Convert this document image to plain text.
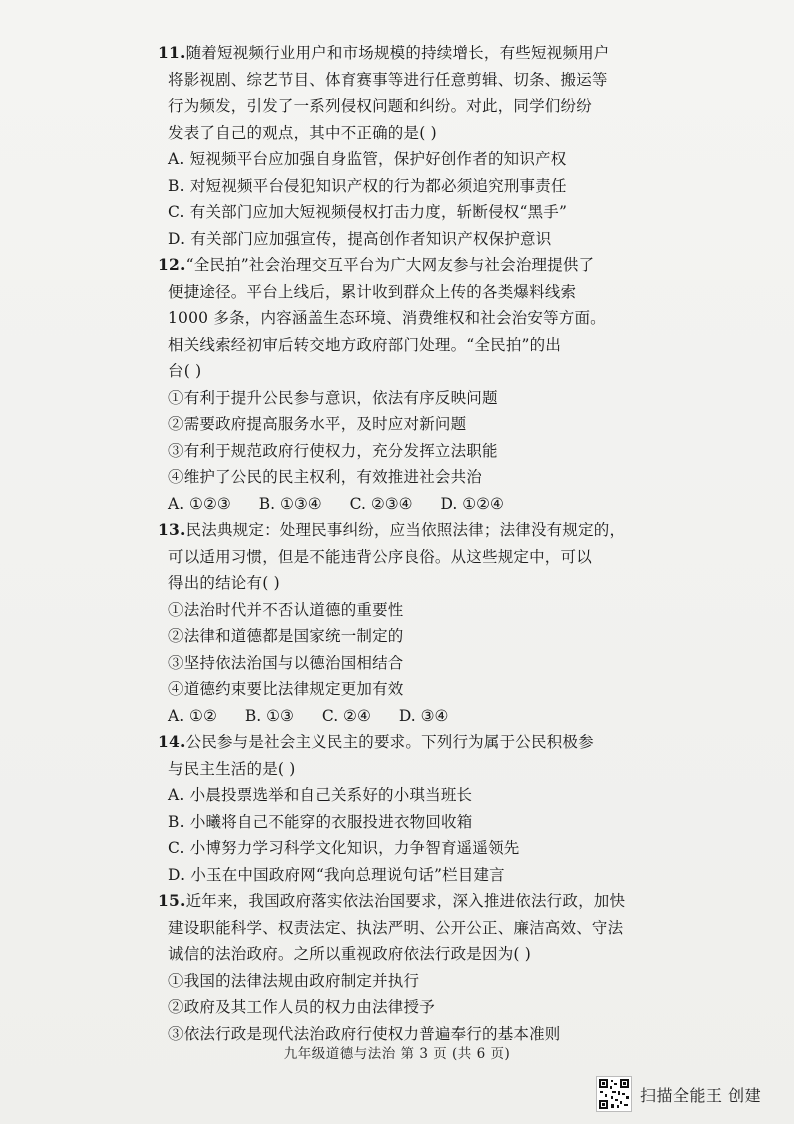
11.随着短视频行业用户和市场规模的持续增长，有些短视频用户
将影视剧、综艺节目、体育赛事等进行任意剪辑、切条、搬运等
行为频发，引发了一系列侵权问题和纠纷。对此，同学们纷纷
发表了自己的观点，其中不正确的是( )
A. 短视频平台应加强自身监管，保护好创作者的知识产权
B. 对短视频平台侵犯知识产权的行为都必须追究刑事责任
C. 有关部门应加大短视频侵权打击力度，斩断侵权“黑手”
D. 有关部门应加强宣传，提高创作者知识产权保护意识
12.“全民拍”社会治理交互平台为广大网友参与社会治理提供了
便捷途径。平台上线后，累计收到群众上传的各类爆料线索
1000 多条，内容涵盖生态环境、消费维权和社会治安等方面。
相关线索经初审后转交地方政府部门处理。“全民拍”的出
台( )
①有利于提升公民参与意识，依法有序反映问题
②需要政府提高服务水平，及时应对新问题
③有利于规范政府行使权力，充分发挥立法职能
④维护了公民的民主权利，有效推进社会共治
A. ①②③ B. ①③④ C. ②③④ D. ①②④
13.民法典规定：处理民事纠纷，应当依照法律；法律没有规定的，
可以适用习惯，但是不能违背公序良俗。从这些规定中，可以
得出的结论有( )
①法治时代并不否认道德的重要性
②法律和道德都是国家统一制定的
③坚持依法治国与以德治国相结合
④道德约束要比法律规定更加有效
A. ①② B. ①③ C. ②④ D. ③④
14.公民参与是社会主义民主的要求。下列行为属于公民积极参
与民主生活的是( )
A. 小晨投票选举和自己关系好的小琪当班长
B. 小曦将自己不能穿的衣服投进衣物回收箱
C. 小博努力学习科学文化知识，力争智育遥遥领先
D. 小玉在中国政府网“我向总理说句话”栏目建言
15.近年来，我国政府落实依法治国要求，深入推进依法行政，加快
建设职能科学、权责法定、执法严明、公开公正、廉洁高效、守法
诚信的法治政府。之所以重视政府依法行政是因为( )
①我国的法律法规由政府制定并执行
②政府及其工作人员的权力由法律授予
③依法行政是现代法治政府行使权力普遍奉行的基本准则
九年级道德与法治 第 3 页 (共 6 页)
扫描全能王 创建
